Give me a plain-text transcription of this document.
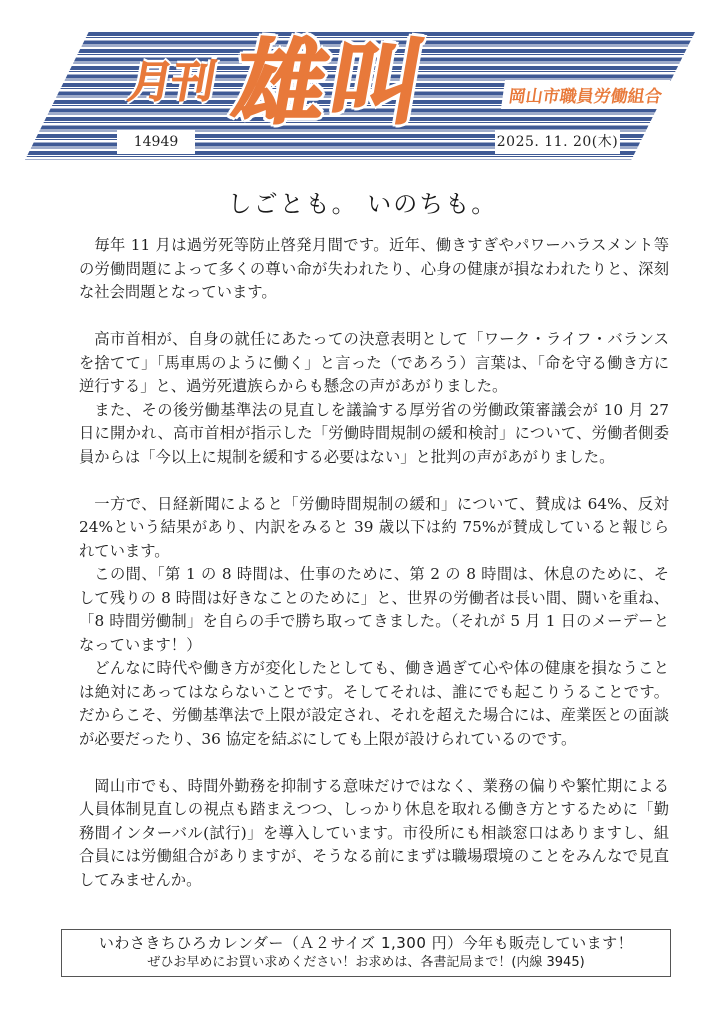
月刊 雄叫	岡山市職員労働組合
14949	2025. 11. 20(木)
しごとも。 いのちも。

毎年 11 月は過労死等防止啓発月間です。近年、働きすぎやパワーハラスメント等の労働問題によって多くの尊い命が失われたり、心身の健康が損なわれたりと、深刻な社会問題となっています。

高市首相が、自身の就任にあたっての決意表明として「ワーク・ライフ・バランスを捨てて」「馬車馬のように働く」と言った（であろう）言葉は、「命を守る働き方に逆行する」と、過労死遺族らからも懸念の声があがりました。

また、その後労働基準法の見直しを議論する厚労省の労働政策審議会が 10 月 27 日に開かれ、高市首相が指示した「労働時間規制の緩和検討」について、労働者側委員からは「今以上に規制を緩和する必要はない」と批判の声があがりました。

一方で、日経新聞によると「労働時間規制の緩和」について、賛成は 64%、反対 24%という結果があり、内訳をみると 39 歳以下は約 75%が賛成していると報じられています。

この間、「第 1 の 8 時間は、仕事のために、第 2 の 8 時間は、休息のために、そして残りの 8 時間は好きなことのために」と、世界の労働者は長い間、闘いを重ね、「8 時間労働制」を自らの手で勝ち取ってきました。（それが 5 月 1 日のメーデーとなっています！）

どんなに時代や働き方が変化したとしても、働き過ぎて心や体の健康を損なうことは絶対にあってはならないことです。そしてそれは、誰にでも起こりうることです。だからこそ、労働基準法で上限が設定され、それを超えた場合には、産業医との面談が必要だったり、36 協定を結ぶにしても上限が設けられているのです。

岡山市でも、時間外勤務を抑制する意味だけではなく、業務の偏りや繁忙期による人員体制見直しの視点も踏まえつつ、しっかり休息を取れる働き方とするために「勤務間インターバル(試行)」を導入しています。市役所にも相談窓口はありますし、組合員には労働組合がありますが、そうなる前にまずは職場環境のことをみんなで見直してみませんか。

いわさきちひろカレンダー（Ａ２サイズ 1,300 円）今年も販売しています！
ぜひお早めにお買い求めください！お求めは、各書記局まで！(内線 3945)
